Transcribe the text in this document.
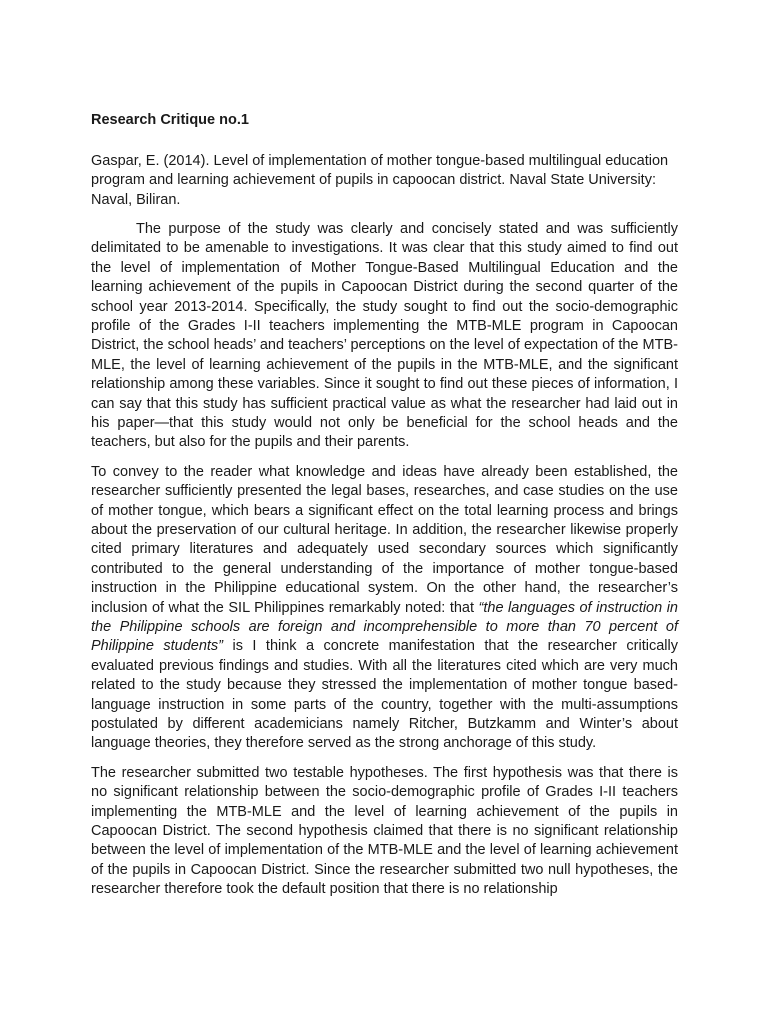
Research Critique no.1

Gaspar, E. (2014). Level of implementation of mother tongue-based multilingual education program and learning achievement of pupils in capoocan district. Naval State University: Naval, Biliran.

The purpose of the study was clearly and concisely stated and was sufficiently delimitated to be amenable to investigations. It was clear that this study aimed to find out the level of implementation of Mother Tongue-Based Multilingual Education and the learning achievement of the pupils in Capoocan District during the second quarter of the school year 2013-2014. Specifically, the study sought to find out the socio-demographic profile of the Grades I-II teachers implementing the MTB-MLE program in Capoocan District, the school heads’ and teachers’ perceptions on the level of expectation of the MTB-MLE, the level of learning achievement of the pupils in the MTB-MLE, and the significant relationship among these variables. Since it sought to find out these pieces of information, I can say that this study has sufficient practical value as what the researcher had laid out in his paper—that this study would not only be beneficial for the school heads and the teachers, but also for the pupils and their parents.

To convey to the reader what knowledge and ideas have already been established, the researcher sufficiently presented the legal bases, researches, and case studies on the use of mother tongue, which bears a significant effect on the total learning process and brings about the preservation of our cultural heritage. In addition, the researcher likewise properly cited primary literatures and adequately used secondary sources which significantly contributed to the general understanding of the importance of mother tongue-based instruction in the Philippine educational system. On the other hand, the researcher’s inclusion of what the SIL Philippines remarkably noted: that “the languages of instruction in the Philippine schools are foreign and incomprehensible to more than 70 percent of Philippine students” is I think a concrete manifestation that the researcher critically evaluated previous findings and studies. With all the literatures cited which are very much related to the study because they stressed the implementation of mother tongue based-language instruction in some parts of the country, together with the multi-assumptions postulated by different academicians namely Ritcher, Butzkamm and Winter’s about language theories, they therefore served as the strong anchorage of this study.

The researcher submitted two testable hypotheses. The first hypothesis was that there is no significant relationship between the socio-demographic profile of Grades I-II teachers implementing the MTB-MLE and the level of learning achievement of the pupils in Capoocan District. The second hypothesis claimed that there is no significant relationship between the level of implementation of the MTB-MLE and the level of learning achievement of the pupils in Capoocan District. Since the researcher submitted two null hypotheses, the researcher therefore took the default position that there is no relationship
